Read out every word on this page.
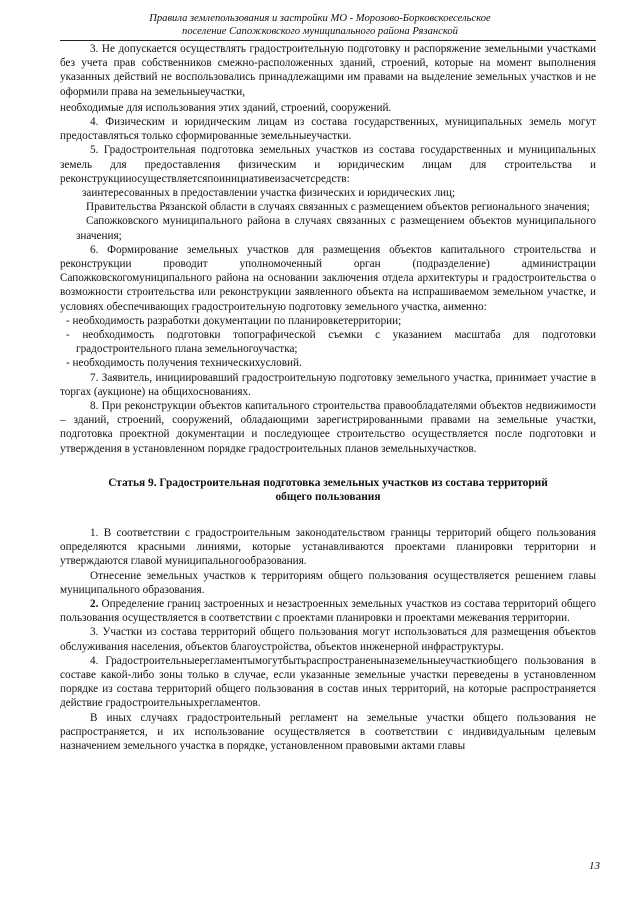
Правила землепользования и застройки МО - Морозово-Борковскоесельское
поселение Сапожковского муниципального района Рязанской

3. Не допускается осуществлять градостроительную подготовку и распоряжение земельными участками без учета прав собственников смежно-расположенных зданий, строений, которые на момент выполнения указанных действий не воспользовались принадлежащими им правами на выделение земельных участков и не оформили права на земельныеучастки,

необходимые для использования этих зданий, строений, сооружений.

4. Физическим и юридическим лицам из состава государственных, муниципальных земель могут предоставляться только сформированные земельныеучастки.

5. Градостроительная подготовка земельных участков из состава государственных и муниципальных земель для предоставления физическим и юридическим лицам для строительства и реконструкцииосуществляетсяпоинициативеизасчетсредств:

заинтересованных в предоставлении участка физических и юридических лиц;

Правительства Рязанской области в случаях связанных с размещением объектов регионального значения;

Сапожковского муниципального района в случаях связанных с размещением объектов муниципального значения;

6. Формирование земельных участков для размещения объектов капитального строительства и реконструкции проводит уполномоченный орган (подразделение) администрации Сапожковскогомуниципального района на основании заключения отдела архитектуры и градостроительства о возможности строительства или реконструкции заявленного объекта на испрашиваемом земельном участке, и условиях обеспечивающих градостроительную подготовку земельного участка, аименно:

- необходимость разработки документации по планировкетерритории;

- необходимость подготовки топографической съемки с указанием масштаба для подготовки градостроительного плана земельногоучастка;

- необходимость получения техническихусловий.

7. Заявитель, инициировавший градостроительную подготовку земельного участка, принимает участие в торгах (аукционе) на общихоснованиях.

8. При реконструкции объектов капитального строительства правообладателями объектов недвижимости – зданий, строений, сооружений, обладающими зарегистрированными правами на земельные участки, подготовка проектной документации и последующее строительство осуществляется после подготовки и утверждения в установленном порядке градостроительных планов земельныхучастков.

Статья 9. Градостроительная подготовка земельных участков из состава территорий общего пользования

1. В соответствии с градостроительным законодательством границы территорий общего пользования определяются красными линиями, которые устанавливаются проектами планировки территории и утверждаются главой муниципальногообразования.

Отнесение земельных участков к территориям общего пользования осуществляется решением главы муниципального образования.

2. Определение границ застроенных и незастроенных земельных участков из состава территорий общего пользования осуществляется в соответствии с проектами планировки и проектами межевания территории.

3. Участки из состава территорий общего пользования могут использоваться для размещения объектов обслуживания населения, объектов благоустройства, объектов инженерной инфраструктуры.

4. Градостроительныерегламентымогутбытьраспространеныназемельныеучасткиобщего пользования в составе какой-либо зоны только в случае, если указанные земельные участки переведены в установленном порядке из состава территорий общего пользования в состав иных территорий, на которые распространяется действие градостроительныхрегламентов.

В иных случаях градостроительный регламент на земельные участки общего пользования не распространяется, и их использование осуществляется в соответствии с индивидуальным целевым назначением земельного участка в порядке, установленном правовыми актами главы

13
